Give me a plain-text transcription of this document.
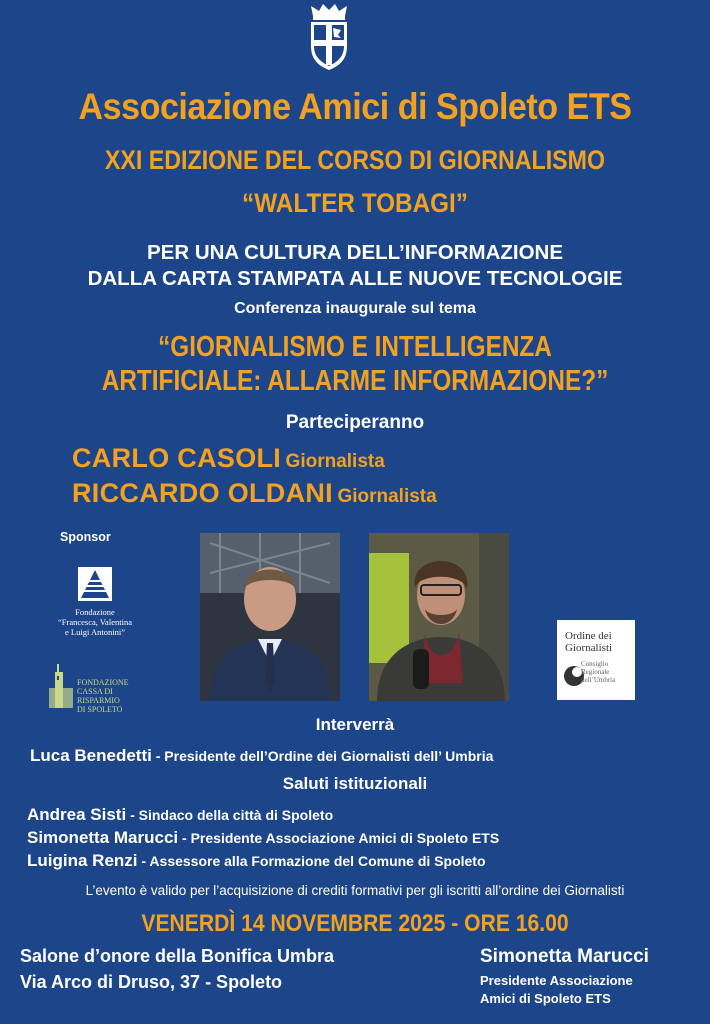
Associazione Amici di Spoleto ETS
XXI EDIZIONE DEL CORSO DI GIORNALISMO
“WALTER TOBAGI”
PER UNA CULTURA DELL’INFORMAZIONE
DALLA CARTA STAMPATA ALLE NUOVE TECNOLOGIE
Conferenza inaugurale sul tema
“GIORNALISMO E INTELLIGENZA
ARTIFICIALE: ALLARME INFORMAZIONE?”
Parteciperanno
CARLO CASOLI Giornalista
RICCARDO OLDANI Giornalista
Sponsor
Fondazione
“Francesca, Valentina
e Luigi Antonini”
FONDAZIONE
CASSA DI RISPARMIO
DI SPOLETO
Ordine dei
Giornalisti
Consiglio
Regionale
dell’Umbria
Interverrà
Luca Benedetti - Presidente dell’Ordine dei Giornalisti dell’ Umbria
Saluti istituzionali
Andrea Sisti - Sindaco della città di Spoleto
Simonetta Marucci - Presidente Associazione Amici di Spoleto ETS
Luigina Renzi - Assessore alla Formazione del Comune di Spoleto
L’evento è valido per l’acquisizione di crediti formativi per gli iscritti all’ordine dei Giornalisti
VENERDÌ 14 NOVEMBRE 2025 - ORE 16.00
Salone d’onore della Bonifica Umbra
Via Arco di Druso, 37 - Spoleto
Simonetta Marucci
Presidente Associazione
Amici di Spoleto ETS
